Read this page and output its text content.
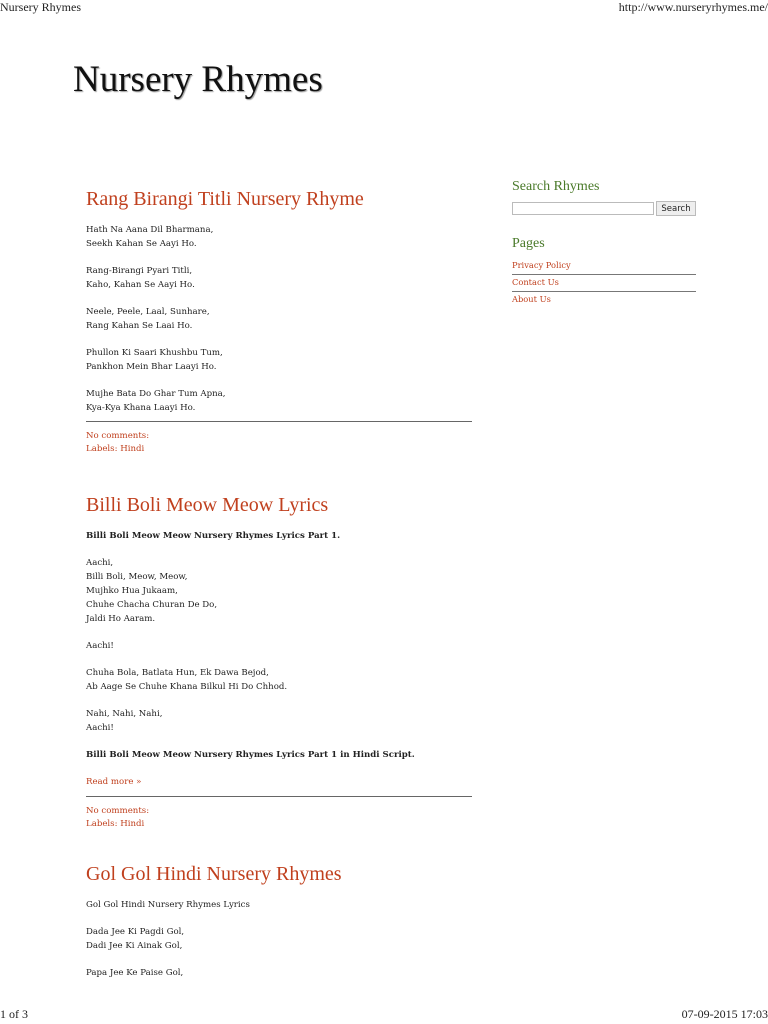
Nursery Rhymes	http://www.nurseryrhymes.me/
Nursery Rhymes
Rang Birangi Titli Nursery Rhyme

Hath Na Aana Dil Bharmana,
Seekh Kahan Se Aayi Ho.

Rang-Birangi Pyari Titli,
Kaho, Kahan Se Aayi Ho.

Neele, Peele, Laal, Sunhare,
Rang Kahan Se Laai Ho.

Phullon Ki Saari Khushbu Tum,
Pankhon Mein Bhar Laayi Ho.

Mujhe Bata Do Ghar Tum Apna,
Kya-Kya Khana Laayi Ho.

No comments:
Labels: Hindi
Billi Boli Meow Meow Lyrics

Billi Boli Meow Meow Nursery Rhymes Lyrics Part 1.

Aachi,
Billi Boli, Meow, Meow,
Mujhko Hua Jukaam,
Chuhe Chacha Churan De Do,
Jaldi Ho Aaram.

Aachi!

Chuha Bola, Batlata Hun, Ek Dawa Bejod,
Ab Aage Se Chuhe Khana Bilkul Hi Do Chhod.

Nahi, Nahi, Nahi,
Aachi!

Billi Boli Meow Meow Nursery Rhymes Lyrics Part 1 in Hindi Script.

Read more »

No comments:
Labels: Hindi
Gol Gol Hindi Nursery Rhymes

Gol Gol Hindi Nursery Rhymes Lyrics

Dada Jee Ki Pagdi Gol,
Dadi Jee Ki Ainak Gol,

Papa Jee Ke Paise Gol,

Search Rhymes
Search
Pages
Privacy Policy
Contact Us
About Us
1 of 3	07-09-2015 17:03
